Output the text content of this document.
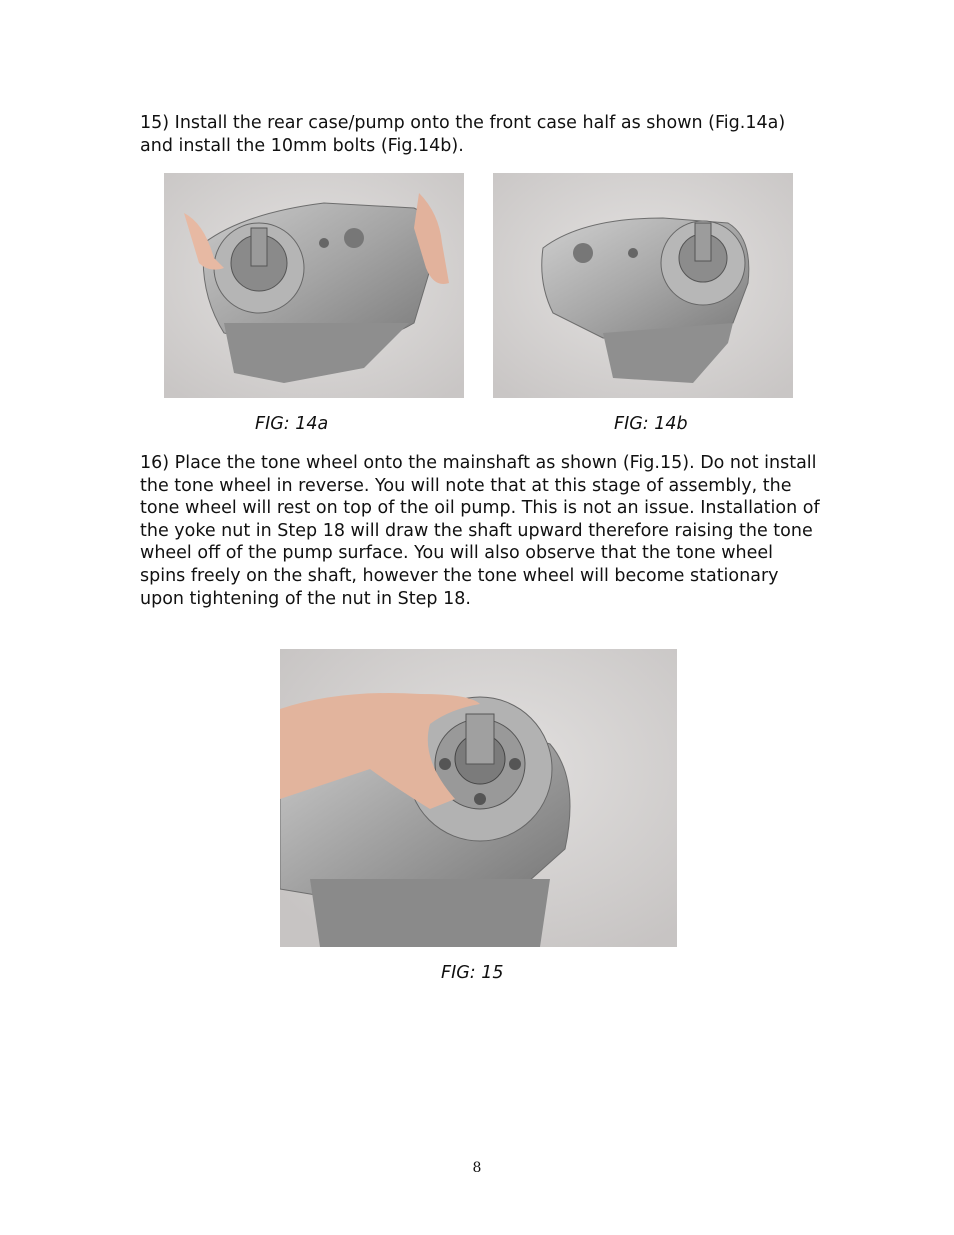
15) Install the rear case/pump onto the front case half as shown (Fig.14a) and install the 10mm bolts (Fig.14b).

FIG: 14a	FIG: 14b

16) Place the tone wheel onto the mainshaft as shown (Fig.15). Do not install the tone wheel in reverse. You will note that at this stage of assembly, the tone wheel will rest on top of the oil pump. This is not an issue. Installation of the yoke nut in Step 18 will draw the shaft upward therefore raising the tone wheel off of the pump surface. You will also observe that the tone wheel spins freely on the shaft, however the tone wheel will become stationary upon tightening of the nut in Step 18.

FIG: 15

8
